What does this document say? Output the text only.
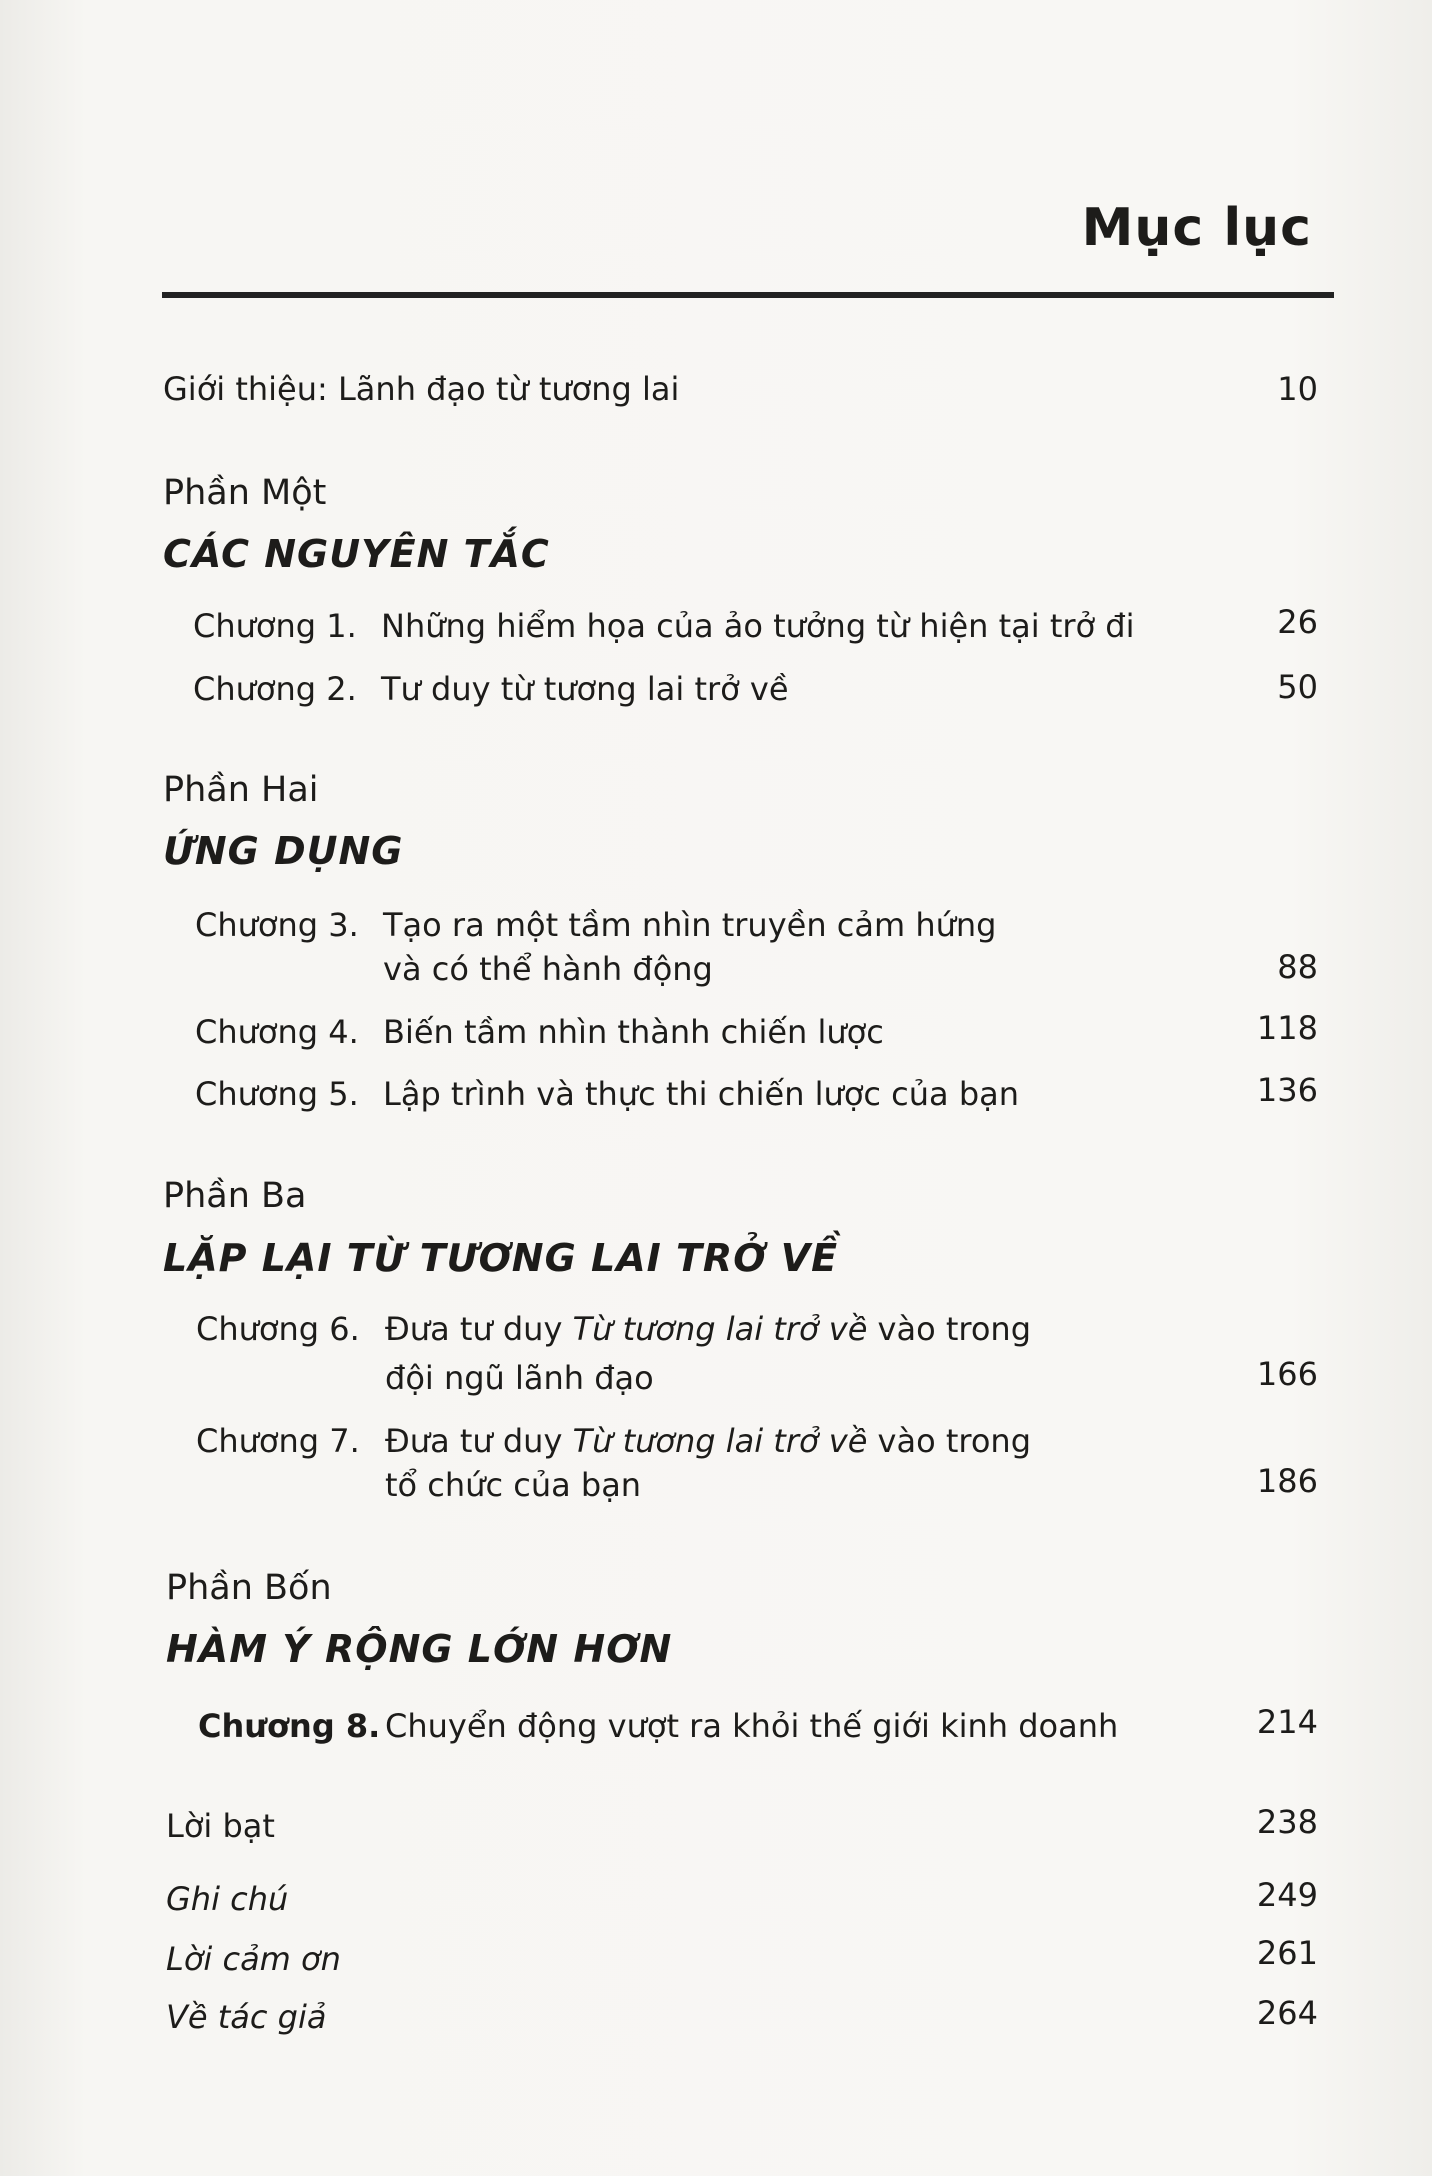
Mục lục
Giới thiệu: Lãnh đạo từ tương lai	10
Phần Một
CÁC NGUYÊN TẮC
Chương 1. Những hiểm họa của ảo tưởng từ hiện tại trở đi	26
Chương 2. Tư duy từ tương lai trở về	50
Phần Hai
ỨNG DỤNG
Chương 3. Tạo ra một tầm nhìn truyền cảm hứng
và có thể hành động	88
Chương 4. Biến tầm nhìn thành chiến lược	118
Chương 5. Lập trình và thực thi chiến lược của bạn	136
Phần Ba
LẶP LẠI TỪ TƯƠNG LAI TRỞ VỀ
Chương 6. Đưa tư duy Từ tương lai trở về vào trong
đội ngũ lãnh đạo	166
Chương 7. Đưa tư duy Từ tương lai trở về vào trong
tổ chức của bạn	186
Phần Bốn
HÀM Ý RỘNG LỚN HƠN
Chương 8. Chuyển động vượt ra khỏi thế giới kinh doanh	214
Lời bạt	238
Ghi chú	249
Lời cảm ơn	261
Về tác giả	264
